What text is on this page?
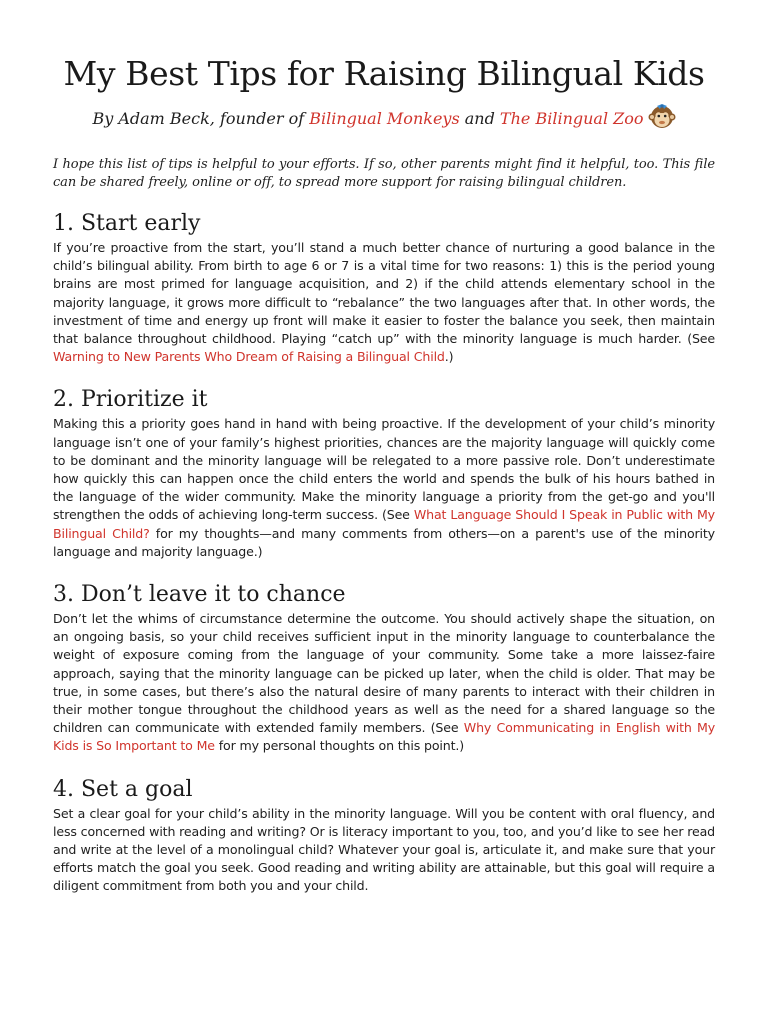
My Best Tips for Raising Bilingual Kids
By Adam Beck, founder of Bilingual Monkeys and The Bilingual Zoo

I hope this list of tips is helpful to your efforts. If so, other parents might find it helpful, too. This file can be shared freely, online or off, to spread more support for raising bilingual children.

1. Start early

If you’re proactive from the start, you’ll stand a much better chance of nurturing a good balance in the child’s bilingual ability. From birth to age 6 or 7 is a vital time for two reasons: 1) this is the period young brains are most primed for language acquisition, and 2) if the child attends elementary school in the majority language, it grows more difficult to “rebalance” the two languages after that. In other words, the investment of time and energy up front will make it easier to foster the balance you seek, then maintain that balance throughout childhood. Playing “catch up” with the minority language is much harder. (See Warning to New Parents Who Dream of Raising a Bilingual Child.)

2. Prioritize it

Making this a priority goes hand in hand with being proactive. If the development of your child’s minority language isn’t one of your family’s highest priorities, chances are the majority language will quickly come to be dominant and the minority language will be relegated to a more passive role. Don’t underestimate how quickly this can happen once the child enters the world and spends the bulk of his hours bathed in the language of the wider community. Make the minority language a priority from the get-go and you'll strengthen the odds of achieving long-term success. (See What Language Should I Speak in Public with My Bilingual Child? for my thoughts—and many comments from others—on a parent's use of the minority language and majority language.)

3. Don’t leave it to chance

Don’t let the whims of circumstance determine the outcome. You should actively shape the situation, on an ongoing basis, so your child receives sufficient input in the minority language to counterbalance the weight of exposure coming from the language of your community. Some take a more laissez-faire approach, saying that the minority language can be picked up later, when the child is older. That may be true, in some cases, but there’s also the natural desire of many parents to interact with their children in their mother tongue throughout the childhood years as well as the need for a shared language so the children can communicate with extended family members. (See Why Communicating in English with My Kids is So Important to Me for my personal thoughts on this point.)

4. Set a goal

Set a clear goal for your child’s ability in the minority language. Will you be content with oral fluency, and less concerned with reading and writing? Or is literacy important to you, too, and you’d like to see her read and write at the level of a monolingual child? Whatever your goal is, articulate it, and make sure that your efforts match the goal you seek. Good reading and writing ability are attainable, but this goal will require a diligent commitment from both you and your child.
